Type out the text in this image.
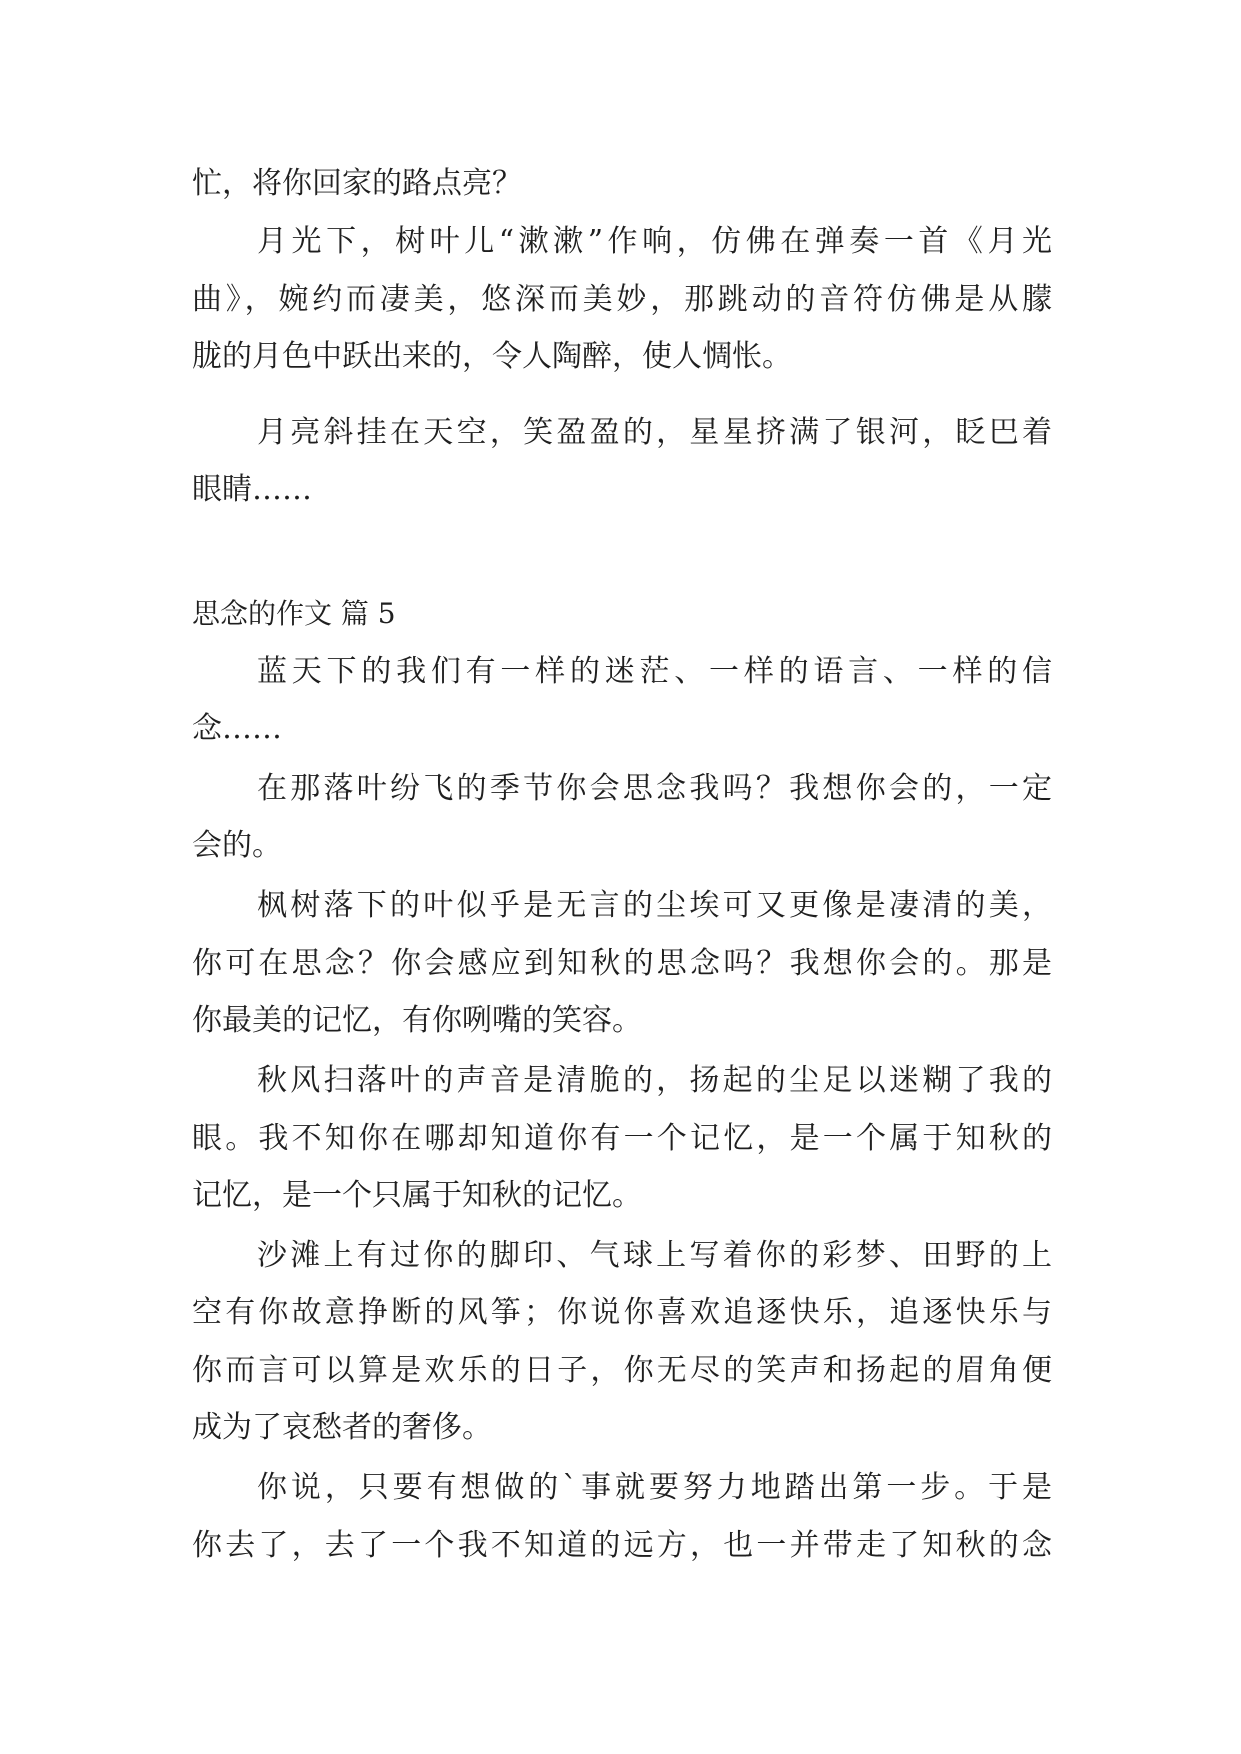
忙，将你回家的路点亮？
月光下，树叶儿“漱漱”作响，仿佛在弹奏一首《月光
曲》，婉约而凄美，悠深而美妙，那跳动的音符仿佛是从朦
胧的月色中跃出来的，令人陶醉，使人惆怅。
月亮斜挂在天空，笑盈盈的，星星挤满了银河，眨巴着
眼睛……
思念的作文 篇 5
蓝天下的我们有一样的迷茫、一样的语言、一样的信
念……
在那落叶纷飞的季节你会思念我吗？我想你会的，一定
会的。
枫树落下的叶似乎是无言的尘埃可又更像是凄清的美，
你可在思念？你会感应到知秋的思念吗？我想你会的。那是
你最美的记忆，有你咧嘴的笑容。
秋风扫落叶的声音是清脆的，扬起的尘足以迷糊了我的
眼。我不知你在哪却知道你有一个记忆，是一个属于知秋的
记忆，是一个只属于知秋的记忆。
沙滩上有过你的脚印、气球上写着你的彩梦、田野的上
空有你故意挣断的风筝；你说你喜欢追逐快乐，追逐快乐与
你而言可以算是欢乐的日子，你无尽的笑声和扬起的眉角便
成为了哀愁者的奢侈。
你说，只要有想做的`事就要努力地踏出第一步。于是
你去了，去了一个我不知道的远方，也一并带走了知秋的念
